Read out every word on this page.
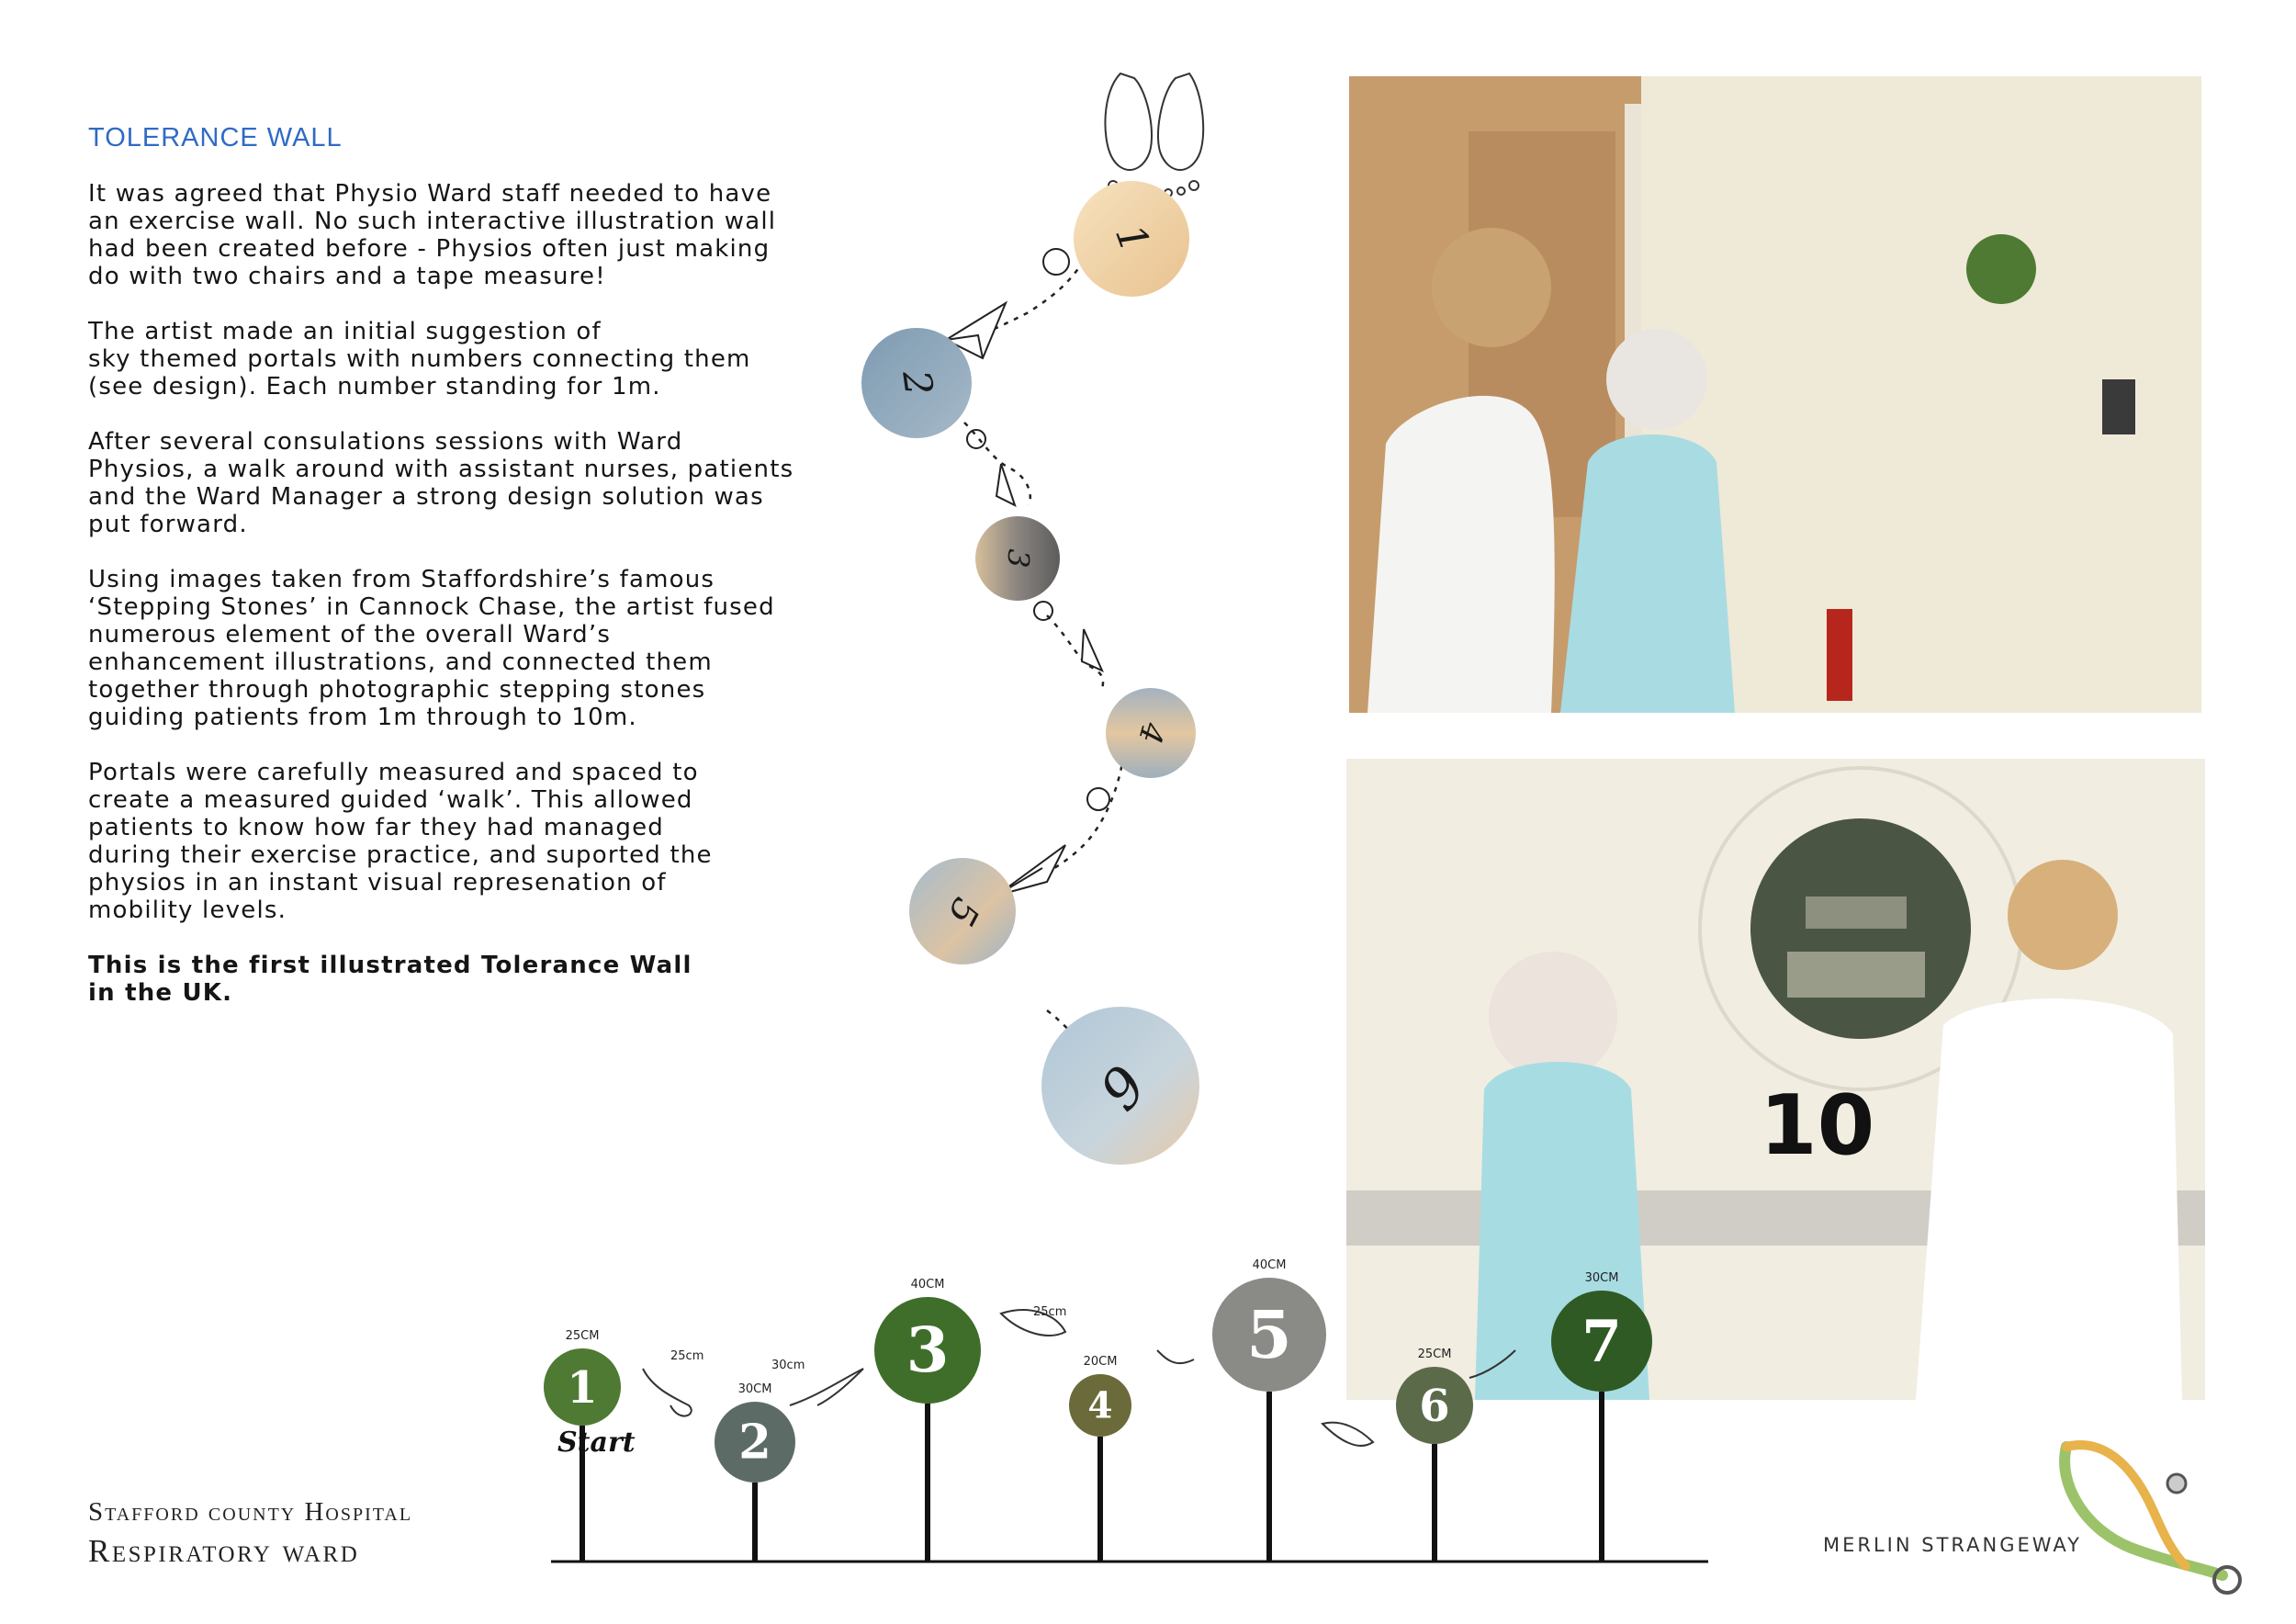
TOLERANCE WALL

It was agreed that Physio Ward staff needed to have
an exercise wall. No such interactive illustration wall
had been created before - Physios often just making
do with two chairs and a tape measure!

The artist made an initial suggestion of
sky themed portals with numbers connecting them
(see design). Each number standing for 1m.

After several consulations sessions with Ward
Physios, a walk around with assistant nurses, patients
and the Ward Manager a strong design solution was
put forward.

Using images taken from Staffordshire’s famous
‘Stepping Stones’ in Cannock Chase, the artist fused
numerous element of the overall Ward’s
enhancement illustrations, and connected them
together through photographic stepping stones
guiding patients from 1m through to 10m.

Portals were carefully measured and spaced to
create a measured guided ‘walk’. This allowed
patients to know how far they had managed
during their exercise practice, and suported the
physios in an instant visual represenation of
mobility levels.

This is the first illustrated Tolerance Wall
in the UK.

1
2
3
4
5
6	10
1
25CM
2
30CM
3
40CM
4
20CM 5
40CM
6
25CM 7
30CM
Start
25cm
30cm
25cm
Stafford county Hospital
Respiratory ward	MERLIN STRANGEWAY
